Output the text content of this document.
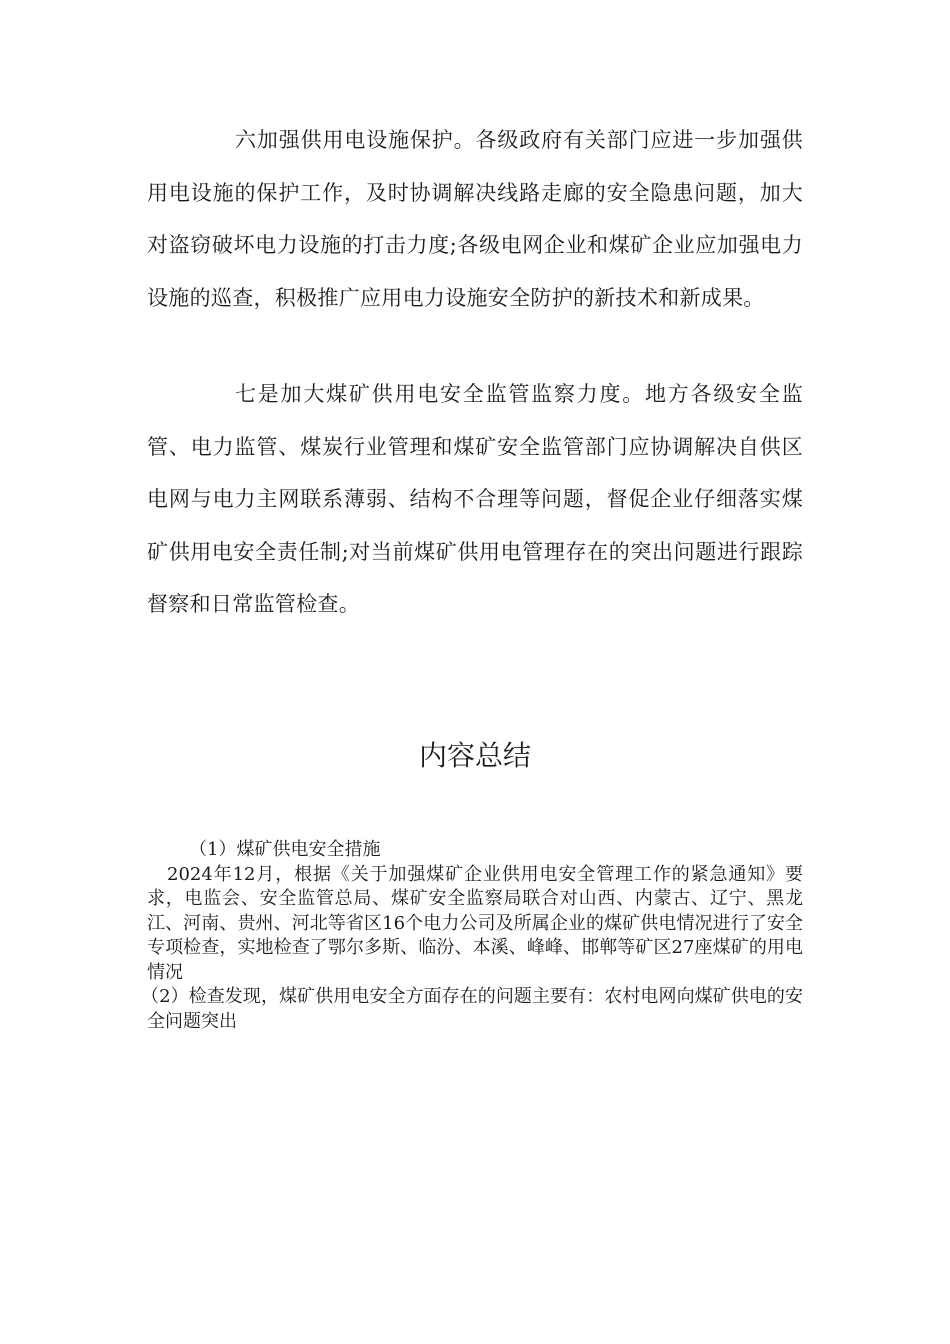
六加强供用电设施保护。各级政府有关部门应进一步加强供用电设施的保护工作，及时协调解决线路走廊的安全隐患问题，加大对盗窃破坏电力设施的打击力度;各级电网企业和煤矿企业应加强电力设施的巡查，积极推广应用电力设施安全防护的新技术和新成果。

七是加大煤矿供用电安全监管监察力度。地方各级安全监管、电力监管、煤炭行业管理和煤矿安全监管部门应协调解决自供区电网与电力主网联系薄弱、结构不合理等问题，督促企业仔细落实煤矿供用电安全责任制;对当前煤矿供用电管理存在的突出问题进行跟踪督察和日常监管检查。

内容总结

（1）煤矿供电安全措施

2024年12月，根据《关于加强煤矿企业供用电安全管理工作的紧急通知》要求，电监会、安全监管总局、煤矿安全监察局联合对山西、内蒙古、辽宁、黑龙江、河南、贵州、河北等省区16个电力公司及所属企业的煤矿供电情况进行了安全专项检查，实地检查了鄂尔多斯、临汾、本溪、峰峰、邯郸等矿区27座煤矿的用电情况

（2）检查发现，煤矿供用电安全方面存在的问题主要有：农村电网向煤矿供电的安全问题突出
